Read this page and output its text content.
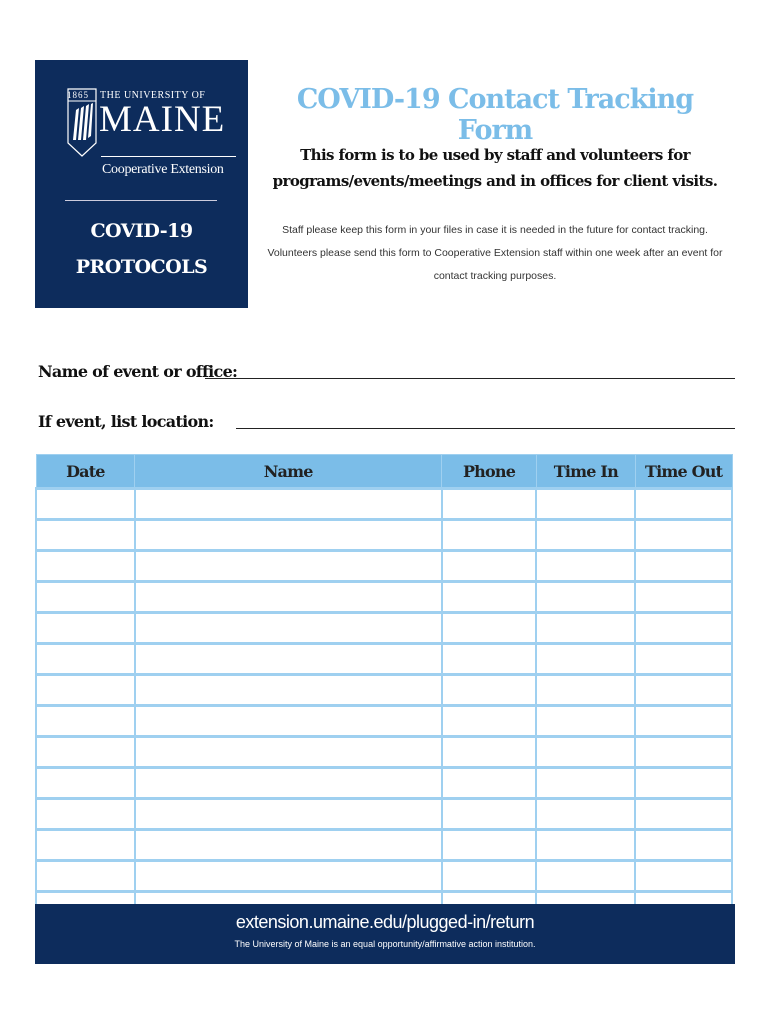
1865 THE UNIVERSITY OF
MAINE
Cooperative Extension
COVID-19
PROTOCOLS
COVID-19 Contact Tracking Form
This form is to be used by staff and volunteers for
programs/events/meetings and in offices for client visits.
Staff please keep this form in your files in case it is needed in the future for contact tracking.
Volunteers please send this form to Cooperative Extension staff within one week after an event for
contact tracking purposes.
Name of event or office:
If event, list location:
Date	Name	Phone	Time In	Time Out

extension.umaine.edu/plugged-in/return
The University of Maine is an equal opportunity/affirmative action institution.
